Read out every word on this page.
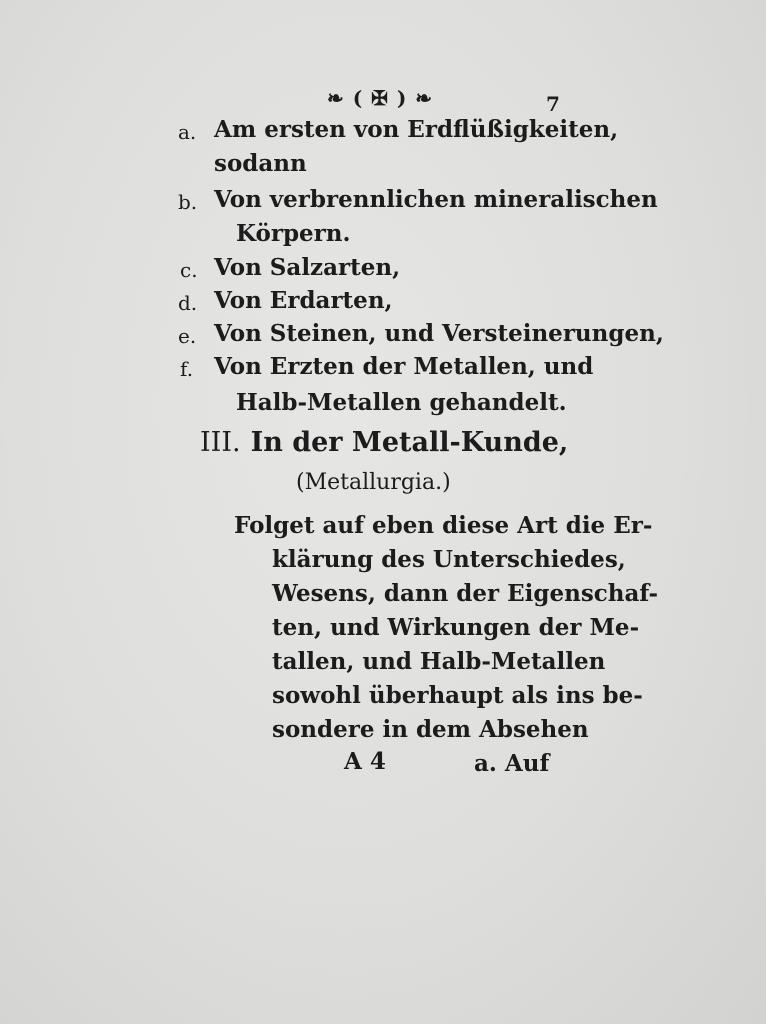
❧ ( ✠ ) ❧	7
a. Am ersten von Erdflüßigkeiten,
sodann
b. Von verbrennlichen mineralischen
Körpern.
c. Von Salzarten,
d. Von Erdarten,
e. Von Steinen, und Versteinerungen,
f. Von Erzten der Metallen, und
Halb-Metallen gehandelt.
III. In der Metall-Kunde,
(Metallurgia.)
Folget auf eben diese Art die Er-
klärung des Unterschiedes,
Wesens, dann der Eigenschaf-
ten, und Wirkungen der Me-
tallen, und Halb-Metallen
sowohl überhaupt als ins be-
sondere in dem Absehen
A 4	a. Auf
